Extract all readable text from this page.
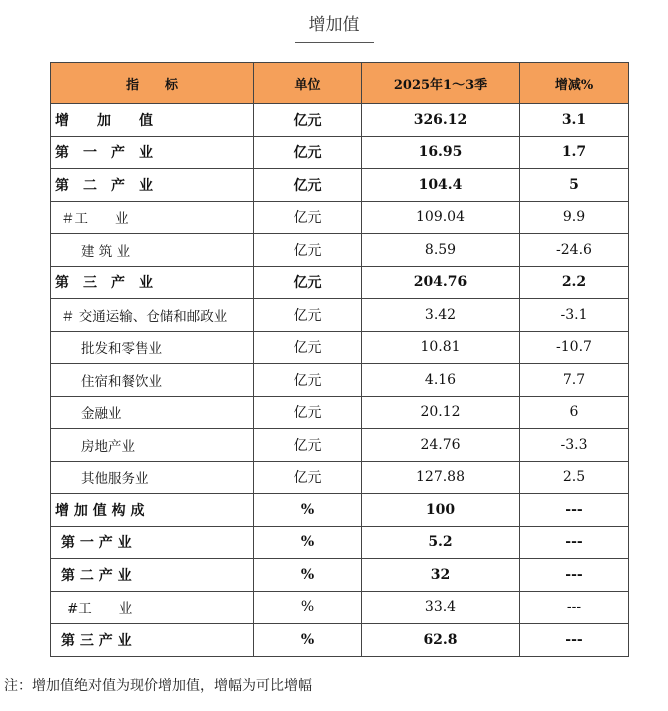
增加值
指　　标	单位	2025年1～3季	增减%
增　　加　　值	亿元	326.12	3.1
第　一　产　业	亿元	16.95	1.7
第　二　产　业	亿元	104.4	5
＃工　　业	亿元	109.04	9.9
建 筑 业	亿元	8.59	-24.6
第　三　产　业	亿元	204.76	2.2
＃ 交通运输、仓储和邮政业	亿元	3.42	-3.1
批发和零售业	亿元	10.81	-10.7
住宿和餐饮业	亿元	4.16	7.7
金融业	亿元	20.12	6
房地产业	亿元	24.76	-3.3
其他服务业	亿元	127.88	2.5
增 加 值 构 成	%	100	---
第 一 产 业	%	5.2	---
第 二 产 业	%	32	---
#工　　业	%	33.4	---
第 三 产 业	%	62.8	---
注：增加值绝对值为现价增加值，增幅为可比增幅
